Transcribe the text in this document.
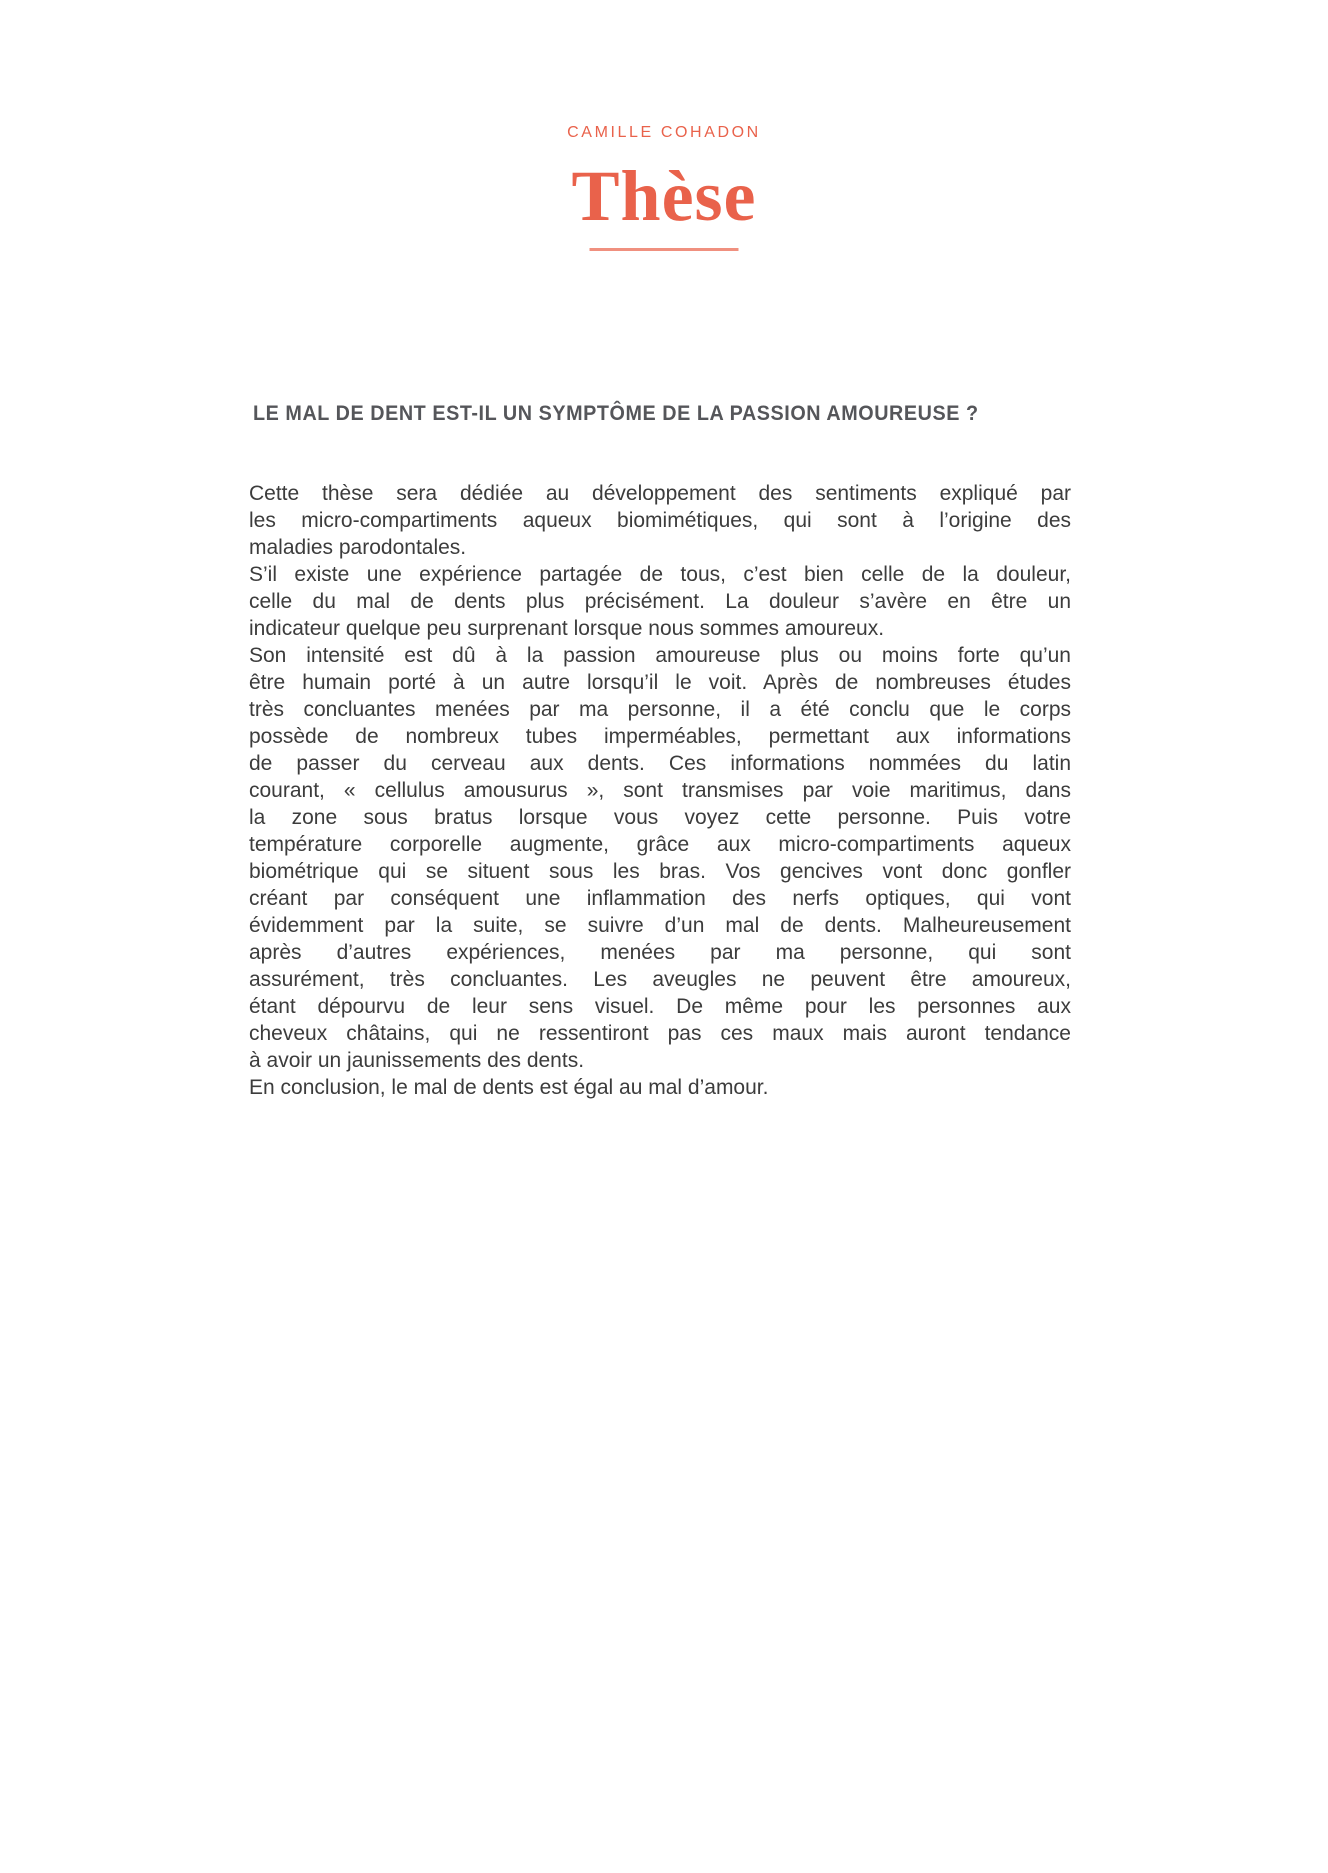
CAMILLE COHADON
Thèse
LE MAL DE DENT EST-IL UN SYMPTÔME DE LA PASSION AMOUREUSE ?
Cette thèse sera dédiée au développement des sentiments expliqué par
les micro-compartiments aqueux biomimétiques, qui sont à l’origine des
maladies parodontales.
S’il existe une expérience partagée de tous, c’est bien celle de la douleur,
celle du mal de dents plus précisément. La douleur s’avère en être un
indicateur quelque peu surprenant lorsque nous sommes amoureux.
Son intensité est dû à la passion amoureuse plus ou moins forte qu’un
être humain porté à un autre lorsqu’il le voit. Après de nombreuses études
très concluantes menées par ma personne, il a été conclu que le corps
possède de nombreux tubes imperméables, permettant aux informations
de passer du cerveau aux dents. Ces informations nommées du latin
courant, « cellulus amousurus », sont transmises par voie maritimus, dans
la zone sous bratus lorsque vous voyez cette personne. Puis votre
température corporelle augmente, grâce aux micro-compartiments aqueux
biométrique qui se situent sous les bras. Vos gencives vont donc gonfler
créant par conséquent une inflammation des nerfs optiques, qui vont
évidemment par la suite, se suivre d’un mal de dents. Malheureusement
après d’autres expériences, menées par ma personne, qui sont
assurément, très concluantes. Les aveugles ne peuvent être amoureux,
étant dépourvu de leur sens visuel. De même pour les personnes aux
cheveux châtains, qui ne ressentiront pas ces maux mais auront tendance
à avoir un jaunissements des dents.
En conclusion, le mal de dents est égal au mal d’amour.
